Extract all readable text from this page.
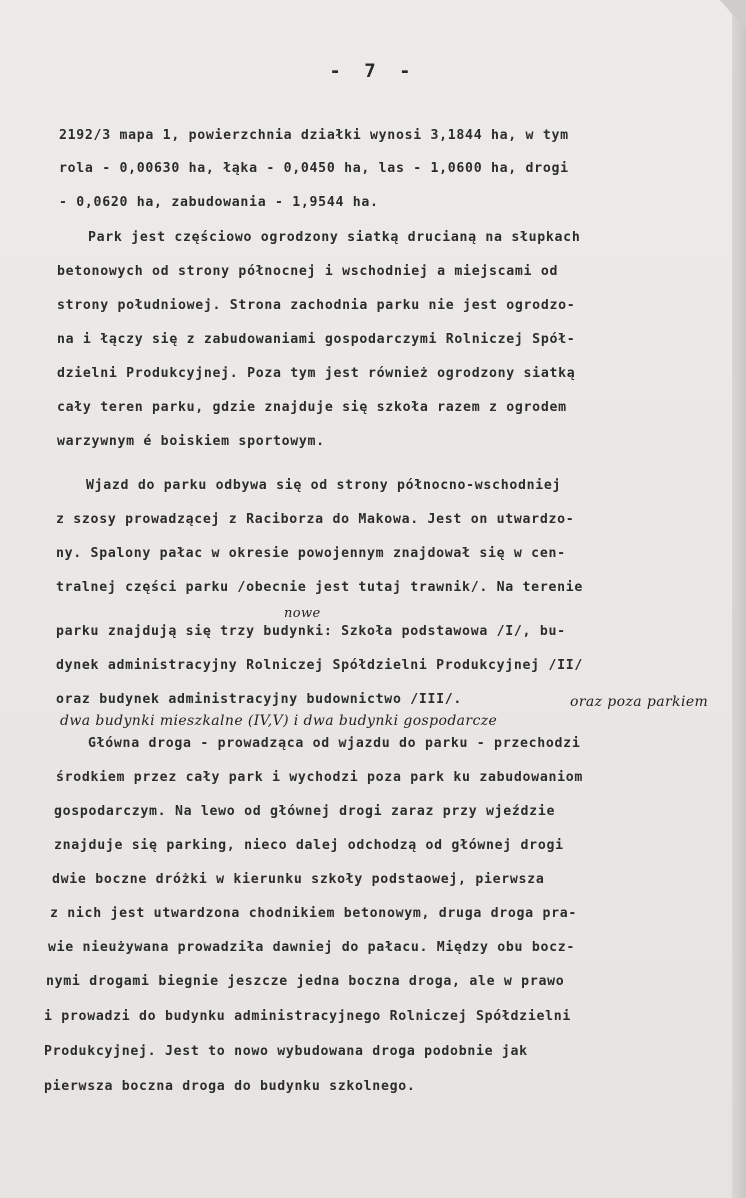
- 7 -
2192/3 mapa 1, powierzchnia działki wynosi 3,1844 ha, w tym
rola - 0,00630 ha, łąka - 0,0450 ha, las - 1,0600 ha, drogi
- 0,0620 ha, zabudowania - 1,9544 ha.
Park jest częściowo ogrodzony siatką drucianą na słupkach
betonowych od strony północnej i wschodniej a miejscami od
strony południowej. Strona zachodnia parku nie jest ogrodzo-
na i łączy się z zabudowaniami gospodarczymi Rolniczej Spół-
dzielni Produkcyjnej. Poza tym jest również ogrodzony siatką
cały teren parku, gdzie znajduje się szkoła razem z ogrodem
warzywnym é boiskiem sportowym.
Wjazd do parku odbywa się od strony północno-wschodniej
z szosy prowadzącej z Raciborza do Makowa. Jest on utwardzo-
ny. Spalony pałac w okresie powojennym znajdował się w cen-
tralnej części parku /obecnie jest tutaj trawnik/. Na terenie
nowe
parku znajdują się trzy budynki: Szkoła podstawowa /I/, bu-
dynek administracyjny Rolniczej Spółdzielni Produkcyjnej /II/
oraz budynek administracyjny budownictwo /III/.	oraz poza parkiem
dwa budynki mieszkalne (IV,V) i dwa budynki gospodarcze
Główna droga - prowadząca od wjazdu do parku - przechodzi
środkiem przez cały park i wychodzi poza park ku zabudowaniom
gospodarczym. Na lewo od głównej drogi zaraz przy wjeździe
znajduje się parking, nieco dalej odchodzą od głównej drogi
dwie boczne dróżki w kierunku szkoły podstaowej, pierwsza
z nich jest utwardzona chodnikiem betonowym, druga droga pra-
wie nieużywana prowadziła dawniej do pałacu. Między obu bocz-
nymi drogami biegnie jeszcze jedna boczna droga, ale w prawo
i prowadzi do budynku administracyjnego Rolniczej Spółdzielni
Produkcyjnej. Jest to nowo wybudowana droga podobnie jak
pierwsza boczna droga do budynku szkolnego.
